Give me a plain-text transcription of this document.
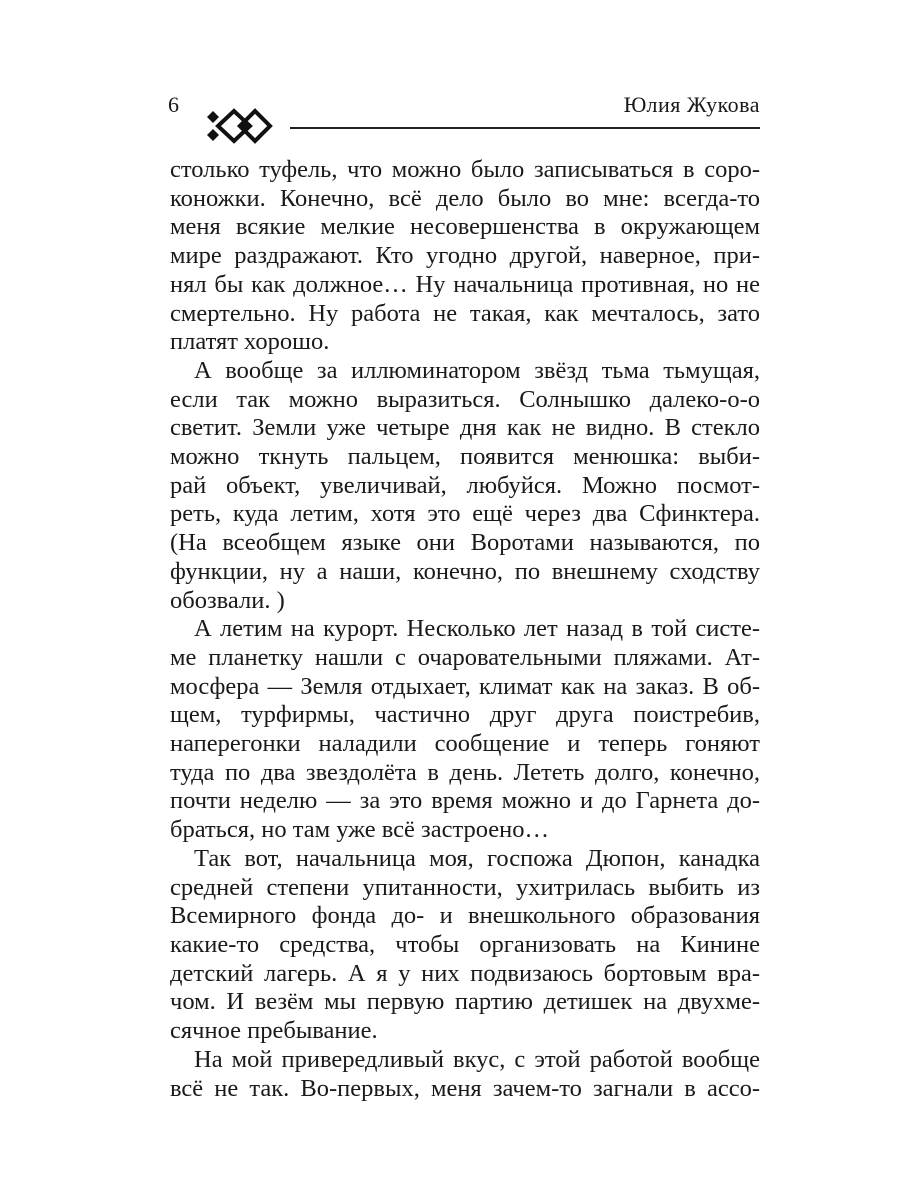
6	Юлия Жукова
столько туфель, что можно было записываться в соро-
коножки. Конечно, всё дело было во мне: всегда-то
меня всякие мелкие несовершенства в окружающем
мире раздражают. Кто угодно другой, наверное, при-
нял бы как должное… Ну начальница противная, но не
смертельно. Ну работа не такая, как мечталось, зато
платят хорошо.
А вообще за иллюминатором звёзд тьма тьмущая,
если так можно выразиться. Солнышко далеко-о-о
светит. Земли уже четыре дня как не видно. В стекло
можно ткнуть пальцем, появится менюшка: выби-
рай объект, увеличивай, любуйся. Можно посмот-
реть, куда летим, хотя это ещё через два Сфинктера.
(На всеобщем языке они Воротами называются, по
функции, ну а наши, конечно, по внешнему сходству
обозвали. )
А летим на курорт. Несколько лет назад в той систе-
ме планетку нашли с очаровательными пляжами. Ат-
мосфера — Земля отдыхает, климат как на заказ. В об-
щем, турфирмы, частично друг друга поистребив,
наперегонки наладили сообщение и теперь гоняют
туда по два звездолёта в день. Лететь долго, конечно,
почти неделю — за это время можно и до Гарнета до-
браться, но там уже всё застроено…
Так вот, начальница моя, госпожа Дюпон, канадка
средней степени упитанности, ухитрилась выбить из
Всемирного фонда до- и внешкольного образования
какие-то средства, чтобы организовать на Кинине
детский лагерь. А я у них подвизаюсь бортовым вра-
чом. И везём мы первую партию детишек на двухме-
сячное пребывание.
На мой привередливый вкус, с этой работой вообще
всё не так. Во-первых, меня зачем-то загнали в ассо-
